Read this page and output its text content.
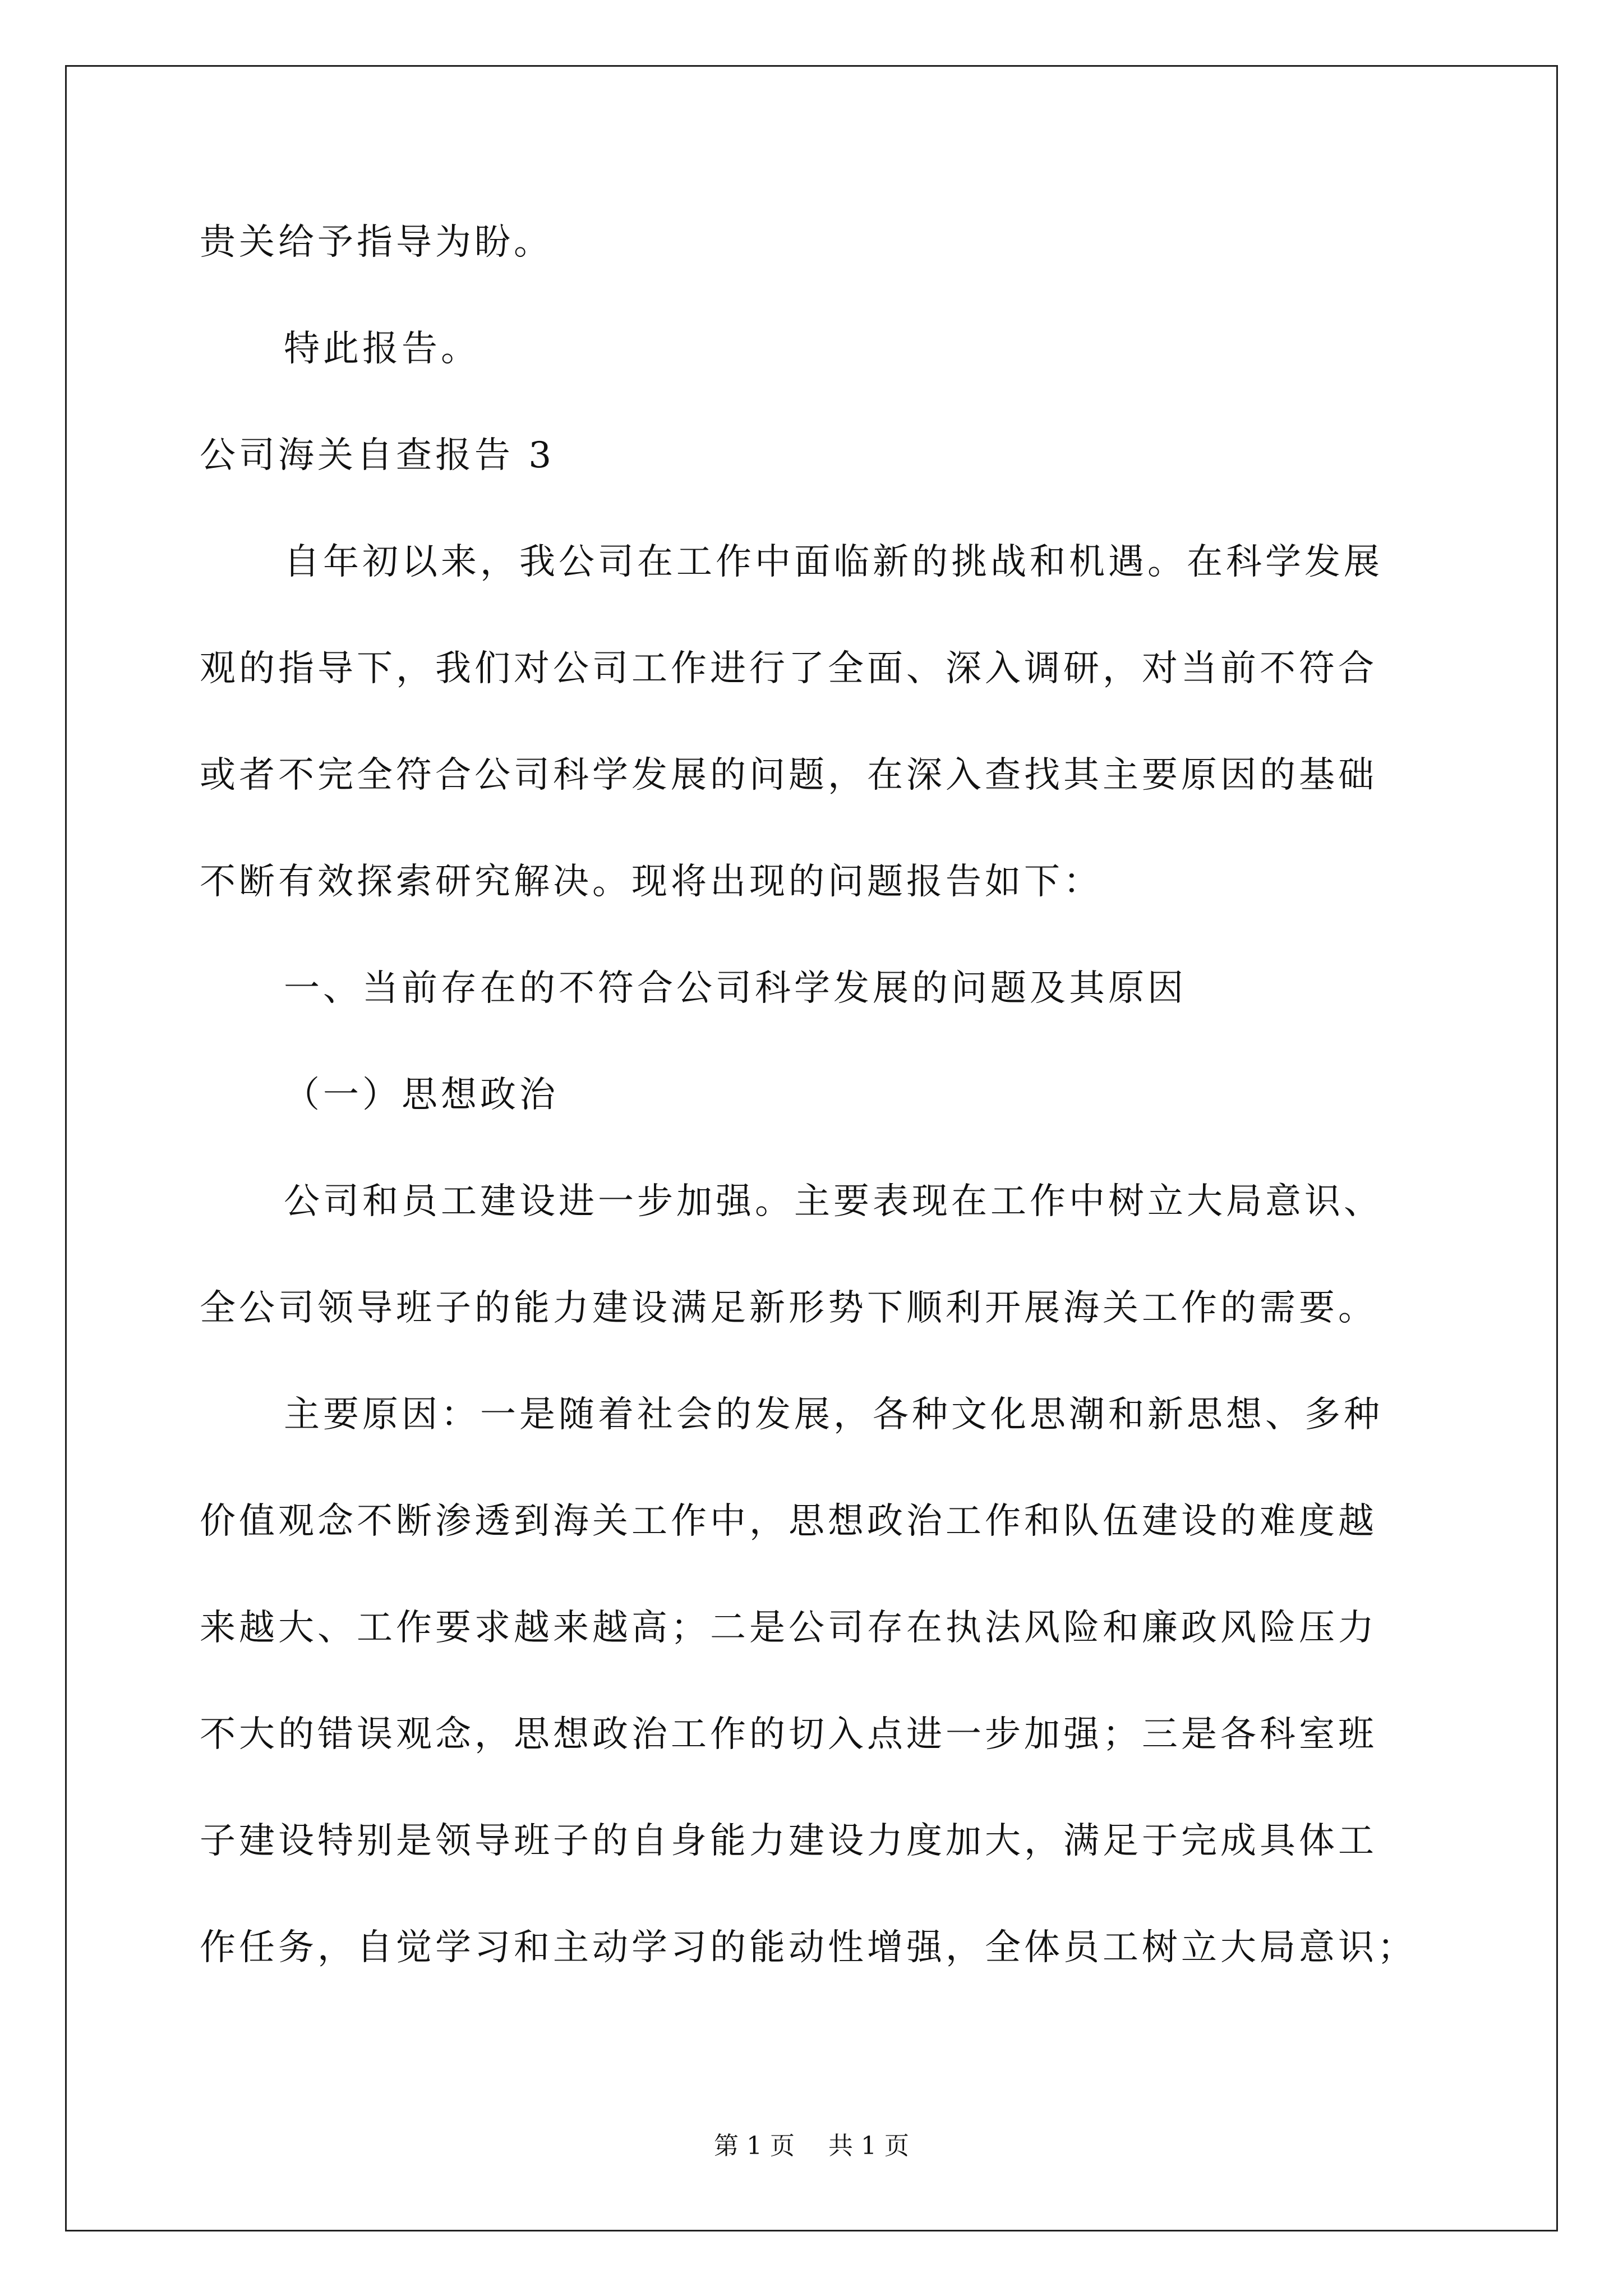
贵关给予指导为盼。
特此报告。
公司海关自查报告 3
自年初以来，我公司在工作中面临新的挑战和机遇。在科学发展
观的指导下，我们对公司工作进行了全面、深入调研，对当前不符合
或者不完全符合公司科学发展的问题，在深入查找其主要原因的基础
不断有效探索研究解决。现将出现的问题报告如下：
一、当前存在的不符合公司科学发展的问题及其原因
（一）思想政治
公司和员工建设进一步加强。主要表现在工作中树立大局意识、
全公司领导班子的能力建设满足新形势下顺利开展海关工作的需要。
主要原因：一是随着社会的发展，各种文化思潮和新思想、多种
价值观念不断渗透到海关工作中，思想政治工作和队伍建设的难度越
来越大、工作要求越来越高；二是公司存在执法风险和廉政风险压力
不大的错误观念，思想政治工作的切入点进一步加强；三是各科室班
子建设特别是领导班子的自身能力建设力度加大，满足于完成具体工
作任务，自觉学习和主动学习的能动性增强，全体员工树立大局意识；
第 1 页 共 1 页
